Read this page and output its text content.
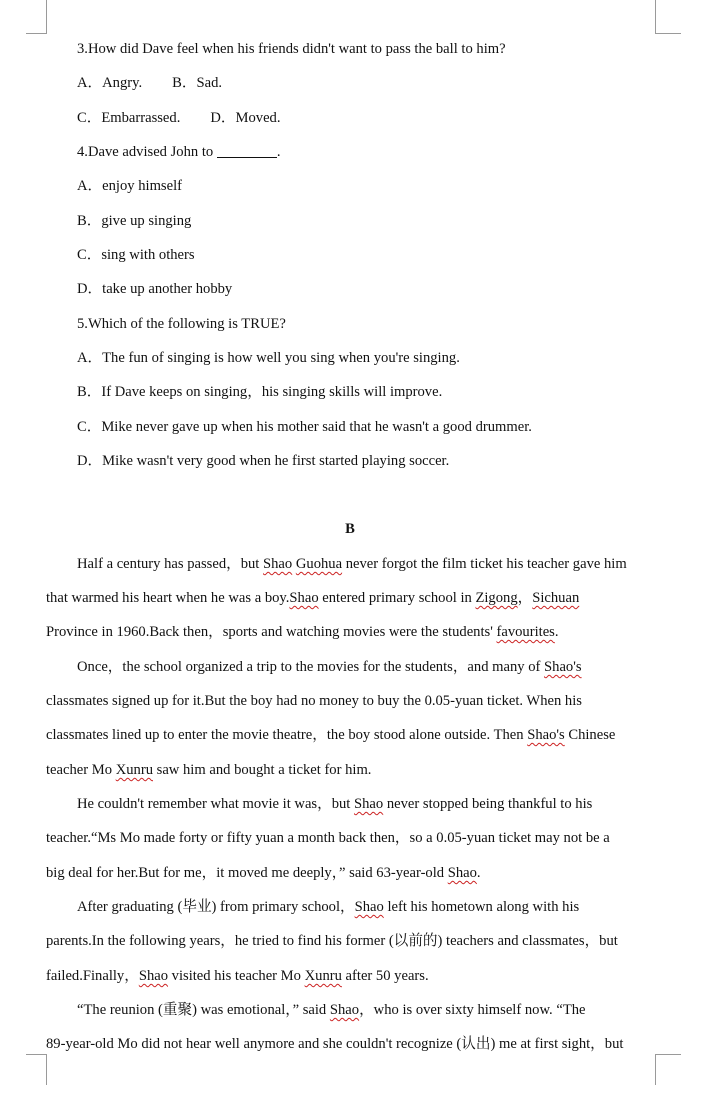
3.How did Dave feel when his friends didn't want to pass the ball to him?
A．Angry. B．Sad.
C．Embarrassed. D．Moved.
4.Dave advised John to	.
A．enjoy himself
B．give up singing
C．sing with others
D．take up another hobby
5.Which of the following is TRUE?
A．The fun of singing is how well you sing when you're singing.
B．If Dave keeps on singing，his singing skills will improve.
C．Mike never gave up when his mother said that he wasn't a good drummer.
D．Mike wasn't very good when he first started playing soccer.
B
Half a century has passed，but Shao Guohua never forgot the film ticket his teacher gave him
that warmed his heart when he was a boy.Shao entered primary school in Zigong，Sichuan
Province in 1960.Back then，sports and watching movies were the students' favourites.
Once，the school organized a trip to the movies for the students，and many of Shao's
classmates signed up for it.But the boy had no money to buy the 0.05-yuan ticket. When his
classmates lined up to enter the movie theatre，the boy stood alone outside. Then Shao's Chinese
teacher Mo Xunru saw him and bought a ticket for him.
He couldn't remember what movie it was，but Shao never stopped being thankful to his
teacher.“Ms Mo made forty or fifty yuan a month back then，so a 0.05-yuan ticket may not be a
big deal for her.But for me，it moved me deeply，” said 63-year-old Shao.
After graduating (毕业) from primary school，Shao left his hometown along with his
parents.In the following years，he tried to find his former (以前的) teachers and classmates，but
failed.Finally，Shao visited his teacher Mo Xunru after 50 years.
“The reunion (重聚) was emotional，” said Shao，who is over sixty himself now. “The
89-year-old Mo did not hear well anymore and she couldn't recognize (认出) me at first sight，but
